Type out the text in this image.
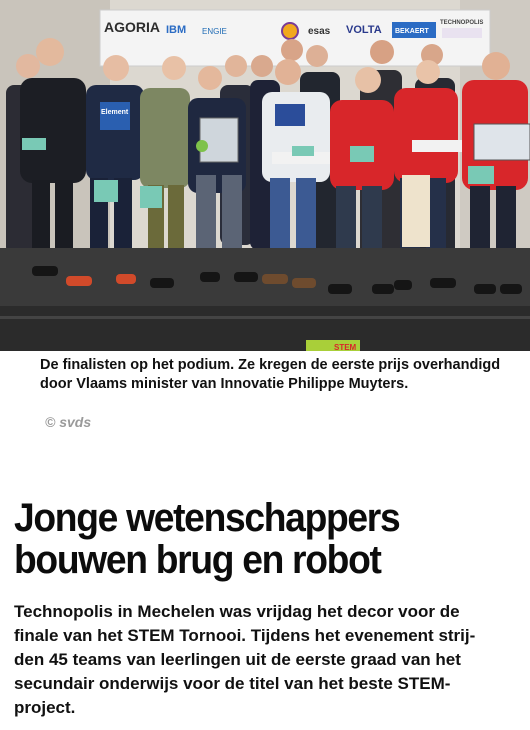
AGORIA IBM ENGIE	esas VOLTA BEKAERT
TECHNOPOLIS
Element
STEM

De finalisten op het podium. Ze kregen de eerste prijs overhandigd door Vlaams minister van Innovatie Philippe Muyters.

© svds

Jonge wetenschappers
bouwen brug en robot

Technopolis in Mechelen was vrijdag het decor voor de

finale van het STEM Tornooi. Tijdens het evenement strij-

den 45 teams van leerlingen uit de eerste graad van het

secundair onderwijs voor de titel van het beste STEM-

project.
